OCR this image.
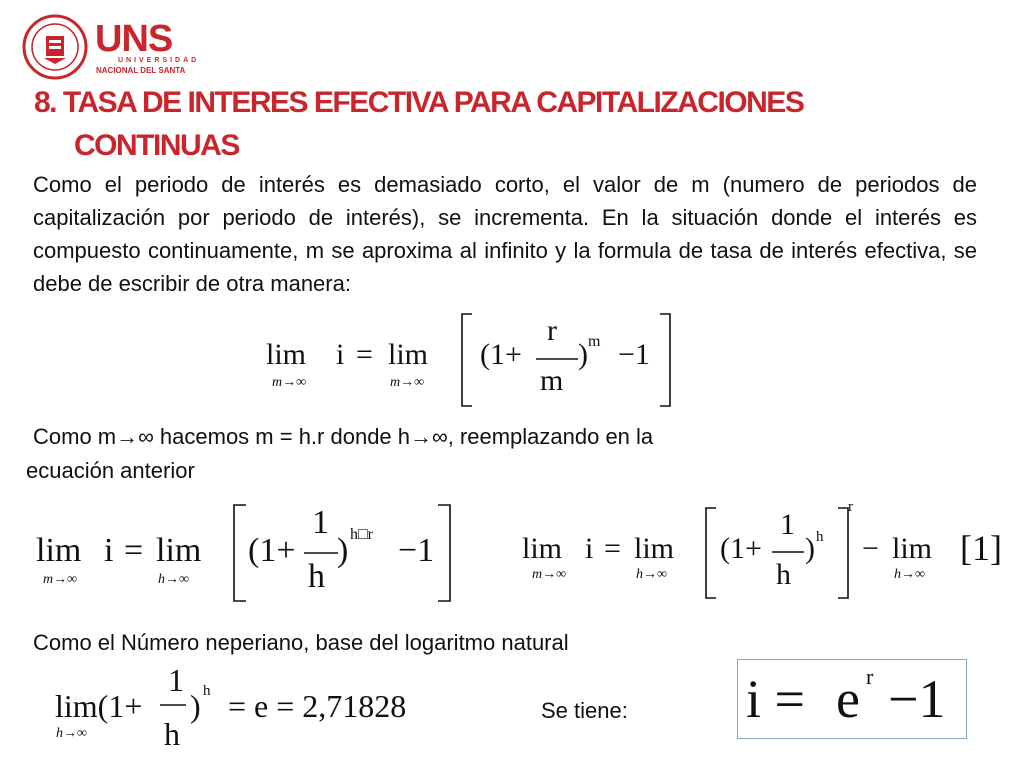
UNS
UNIVERSIDAD
NACIONAL DEL SANTA
8. TASA DE INTERES EFECTIVA PARA CAPITALIZACIONES
CONTINUAS
Como el periodo de interés es demasiado corto, el valor de m (numero de periodos de capitalización por periodo de interés), se incrementa. En la situación donde el interés es compuesto continuamente, m se aproxima al infinito y la formula de tasa de interés efectiva, se debe de escribir de otra manera:
lim
m→∞
i = lim
m→∞
(1+
r
m
) m −1
Como m→∞ hacemos m = h.r donde h→∞, reemplazando en la
ecuación anterior
lim
m→∞
i = lim
h→∞
(1+
1
h
) h□r −1	lim
m→∞
i = lim
h→∞
(1+
1
h
) h
r
− lim
h→∞
[1]
Como el Número neperiano, base del logaritmo natural
lim(1+
h→∞
1
h
) h = e = 2,71828	Se tiene: i = e r −1
